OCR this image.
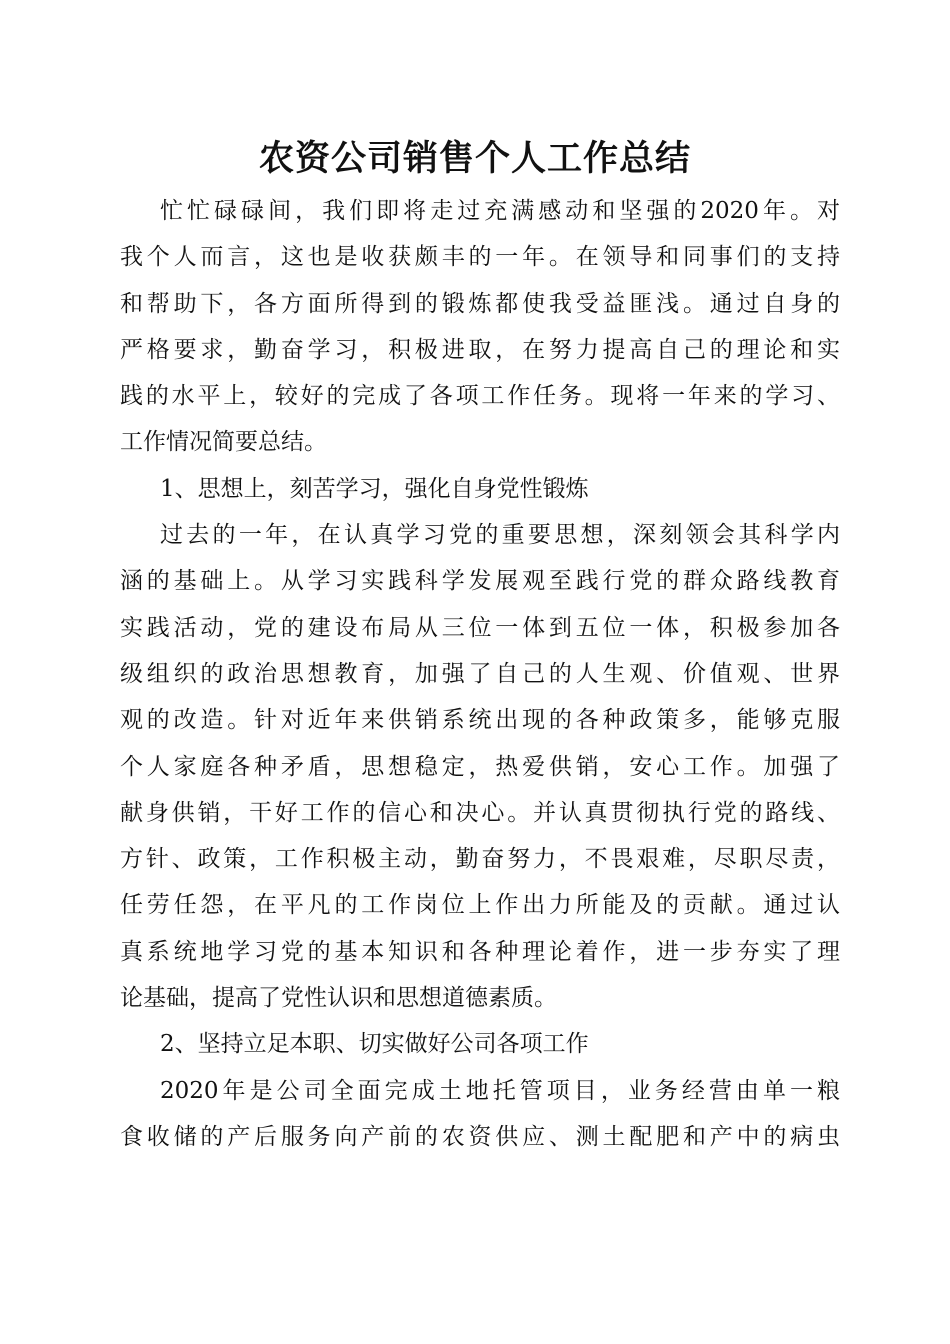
农资公司销售个人工作总结
忙忙碌碌间，我们即将走过充满感动和坚强的2020年。对
我个人而言，这也是收获颇丰的一年。在领导和同事们的支持
和帮助下，各方面所得到的锻炼都使我受益匪浅。通过自身的
严格要求，勤奋学习，积极进取，在努力提高自己的理论和实
践的水平上，较好的完成了各项工作任务。现将一年来的学习、
工作情况简要总结。
1、思想上，刻苦学习，强化自身党性锻炼
过去的一年，在认真学习党的重要思想，深刻领会其科学内
涵的基础上。从学习实践科学发展观至践行党的群众路线教育
实践活动，党的建设布局从三位一体到五位一体，积极参加各
级组织的政治思想教育，加强了自己的人生观、价值观、世界
观的改造。针对近年来供销系统出现的各种政策多，能够克服
个人家庭各种矛盾，思想稳定，热爱供销，安心工作。加强了
献身供销，干好工作的信心和决心。并认真贯彻执行党的路线、
方针、政策，工作积极主动，勤奋努力，不畏艰难，尽职尽责，
任劳任怨，在平凡的工作岗位上作出力所能及的贡献。通过认
真系统地学习党的基本知识和各种理论着作，进一步夯实了理
论基础，提高了党性认识和思想道德素质。
2、坚持立足本职、切实做好公司各项工作
2020年是公司全面完成土地托管项目，业务经营由单一粮
食收储的产后服务向产前的农资供应、测土配肥和产中的病虫
